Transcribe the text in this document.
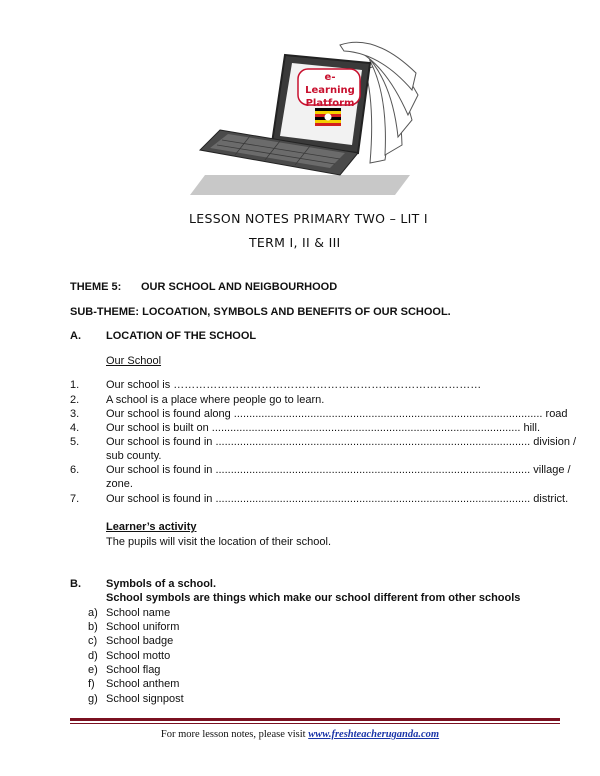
e-Learning
Platform
LESSON NOTES PRIMARY TWO – LIT I
TERM I, II & III
THEME 5: OUR SCHOOL AND NEIGBOURHOOD
SUB-THEME: LOCOATION, SYMBOLS AND BENEFITS OF OUR SCHOOL.
A. LOCATION OF THE SCHOOL
Our School
1. Our school is …………………………………………………………………………
2. A school is a place where people go to learn.
3. Our school is found along ..................................................................................................... road
4. Our school is built on ..................................................................................................... hill.
5. Our school is found in ....................................................................................................... division /
sub county.
6. Our school is found in ....................................................................................................... village /
zone.
7. Our school is found in ....................................................................................................... district.
Learner’s activity
The pupils will visit the location of their school.
B. Symbols of a school.
School symbols are things which make our school different from other schools
a) School name
b) School uniform
c) School badge
d) School motto
e) School flag
f) School anthem
g) School signpost
For more lesson notes, please visit www.freshteacheruganda.com
